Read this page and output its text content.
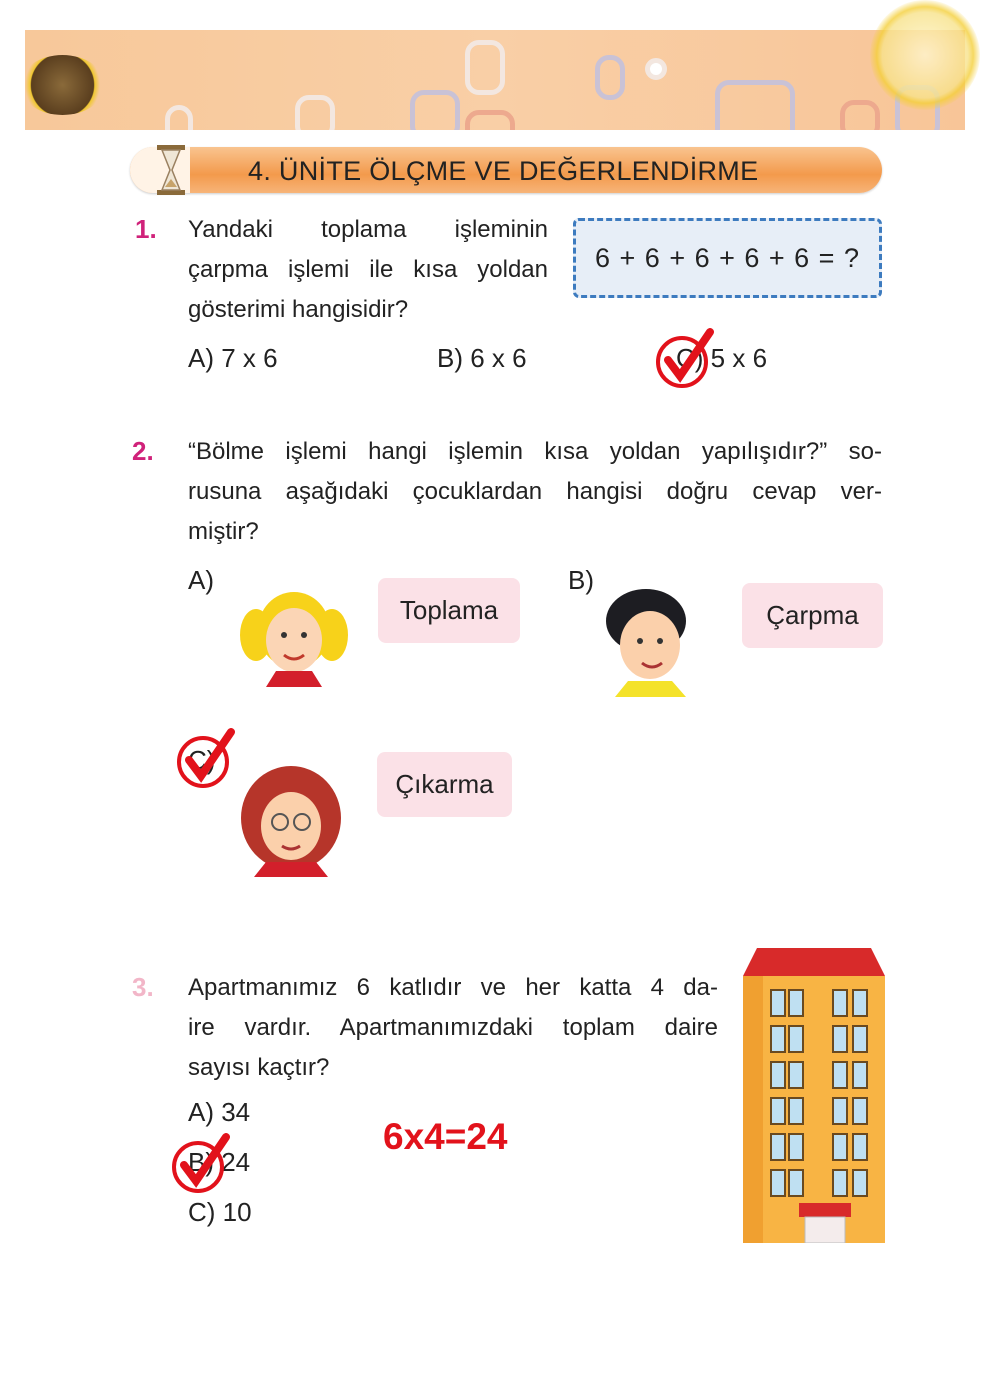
4. ÜNİTE ÖLÇME VE DEĞERLENDİRME
1. Yandaki toplama işleminin
çarpma işlemi ile kısa yoldan
gösterimi hangisidir?
6 + 6 + 6 + 6 + 6 = ?
A) 7 x 6	B) 6 x 6	C) 5 x 6
2. “Bölme işlemi hangi işlemin kısa yoldan yapılışıdır?” so-
rusuna aşağıdaki çocuklardan hangisi doğru cevap ver-
miştir?
A)
Toplama
B)
Çarpma
C)
Çıkarma
3. Apartmanımız 6 katlıdır ve her katta 4 da-
ire vardır. Apartmanımızdaki toplam daire
sayısı kaçtır?
A) 34
B) 24
C) 10
6x4=24
